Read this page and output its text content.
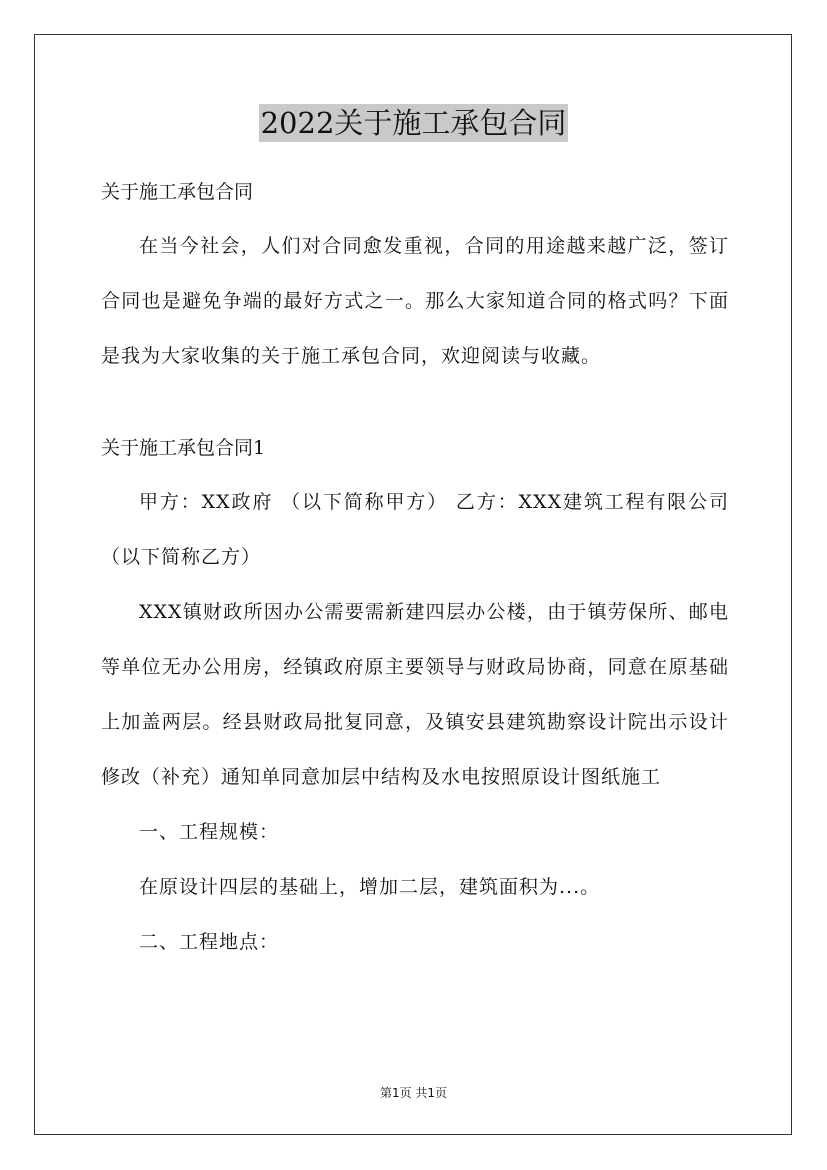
2022关于施工承包合同

关于施工承包合同

在当今社会，人们对合同愈发重视，合同的用途越来越广泛，签订合同也是避免争端的最好方式之一。那么大家知道合同的格式吗？下面是我为大家收集的关于施工承包合同，欢迎阅读与收藏。

关于施工承包合同1

甲方：XX政府 （以下简称甲方） 乙方：XXX建筑工程有限公司（以下简称乙方）

XXX镇财政所因办公需要需新建四层办公楼，由于镇劳保所、邮电等单位无办公用房，经镇政府原主要领导与财政局协商，同意在原基础上加盖两层。经县财政局批复同意，及镇安县建筑勘察设计院出示设计修改（补充）通知单同意加层中结构及水电按照原设计图纸施工

一、工程规模：

在原设计四层的基础上，增加二层，建筑面积为...。

二、工程地点：

第1页 共1页
